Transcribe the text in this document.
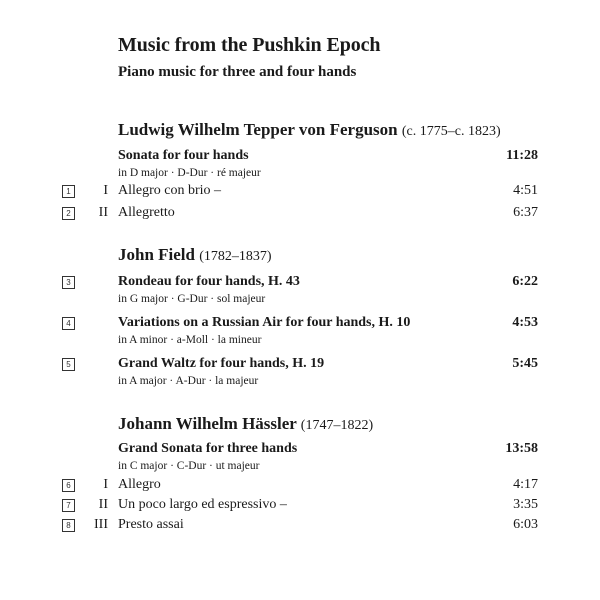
Music from the Pushkin Epoch
Piano music for three and four hands
Ludwig Wilhelm Tepper von Ferguson (c. 1775–c. 1823)
Sonata for four hands	11:28
in D major · D-Dur · ré majeur
1	I Allegro con brio –	4:51
2	II Allegretto	6:37
John Field (1782–1837)
3	Rondeau for four hands, H. 43	6:22
in G major · G-Dur · sol majeur
4	Variations on a Russian Air for four hands, H. 10	4:53
in A minor · a-Moll · la mineur
5	Grand Waltz for four hands, H. 19	5:45
in A major · A-Dur · la majeur
Johann Wilhelm Hässler (1747–1822)
Grand Sonata for three hands	13:58
in C major · C-Dur · ut majeur
6	I Allegro	4:17
7	II Un poco largo ed espressivo –	3:35
8	III Presto assai	6:03
